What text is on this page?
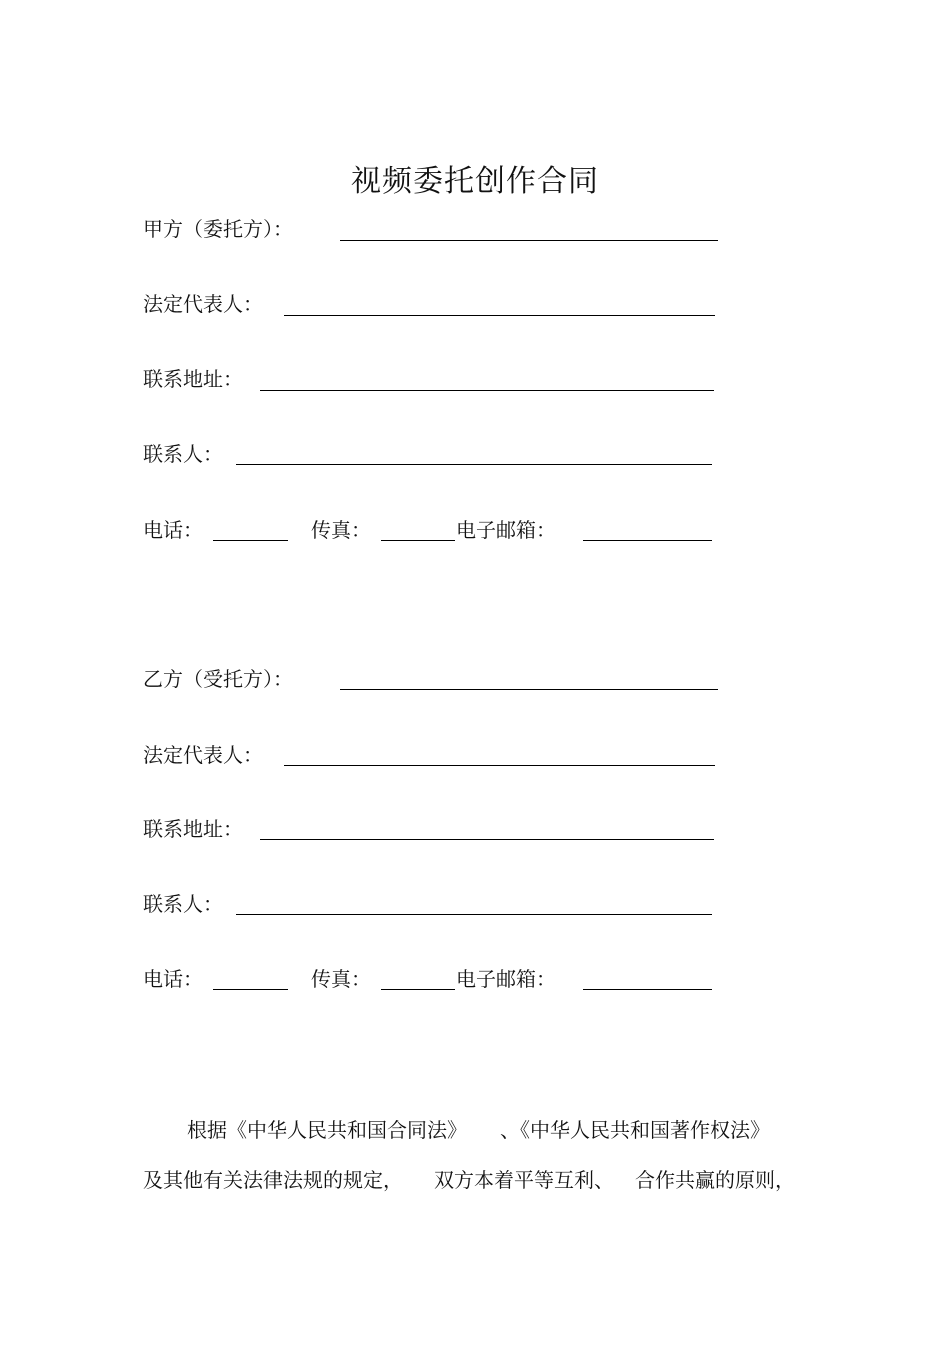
视频委托创作合同
甲方（委托方）：
法定代表人：
联系地址：
联系人：
电话：	传真：	电子邮箱：
乙方（受托方）：
法定代表人：
联系地址：
联系人：
电话：	传真：	电子邮箱：
根据《中华人民共和国合同法》 、《中华人民共和国著作权法》
及其他有关法律法规的规定， 双方本着平等互利、 合作共赢的原则，
